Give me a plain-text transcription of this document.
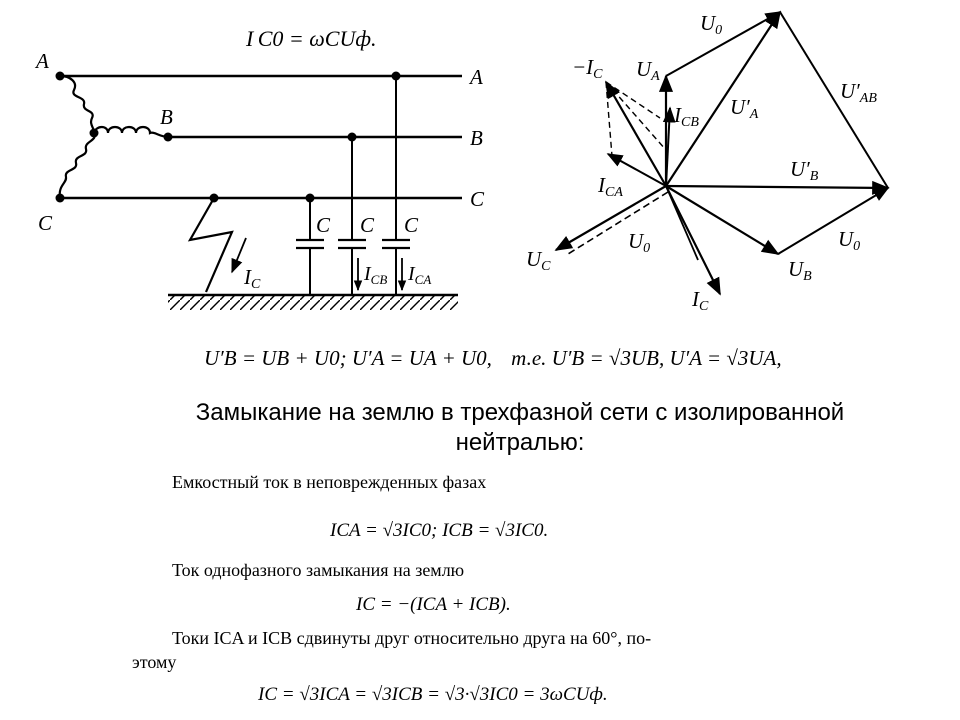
I C0 = ωCUф.
A
B
C
A
B
C
IC
C C C
$I_{CB}$ $I_{CA}$
U0
UA
−IC
ICB
U′A
U′AB
U′B
ICA
UC
U0	U0
UB
IC
U′B = UB + U0; U′A = UA + U0, т.е. U′B = √3UB, U′A = √3UA,
Замыкание на землю в трехфазной сети с изолированной
нейтралью:
Емкостный ток в неповрежденных фазах
ICA = √3IC0; ICB = √3IC0.
Ток однофазного замыкания на землю
IC = −(ICA + ICB).
Токи ICA и ICB сдвинуты друг относительно друга на 60°, по-
этому
IC = √3ICA = √3ICB = √3·√3IC0 = 3ωCUф.
